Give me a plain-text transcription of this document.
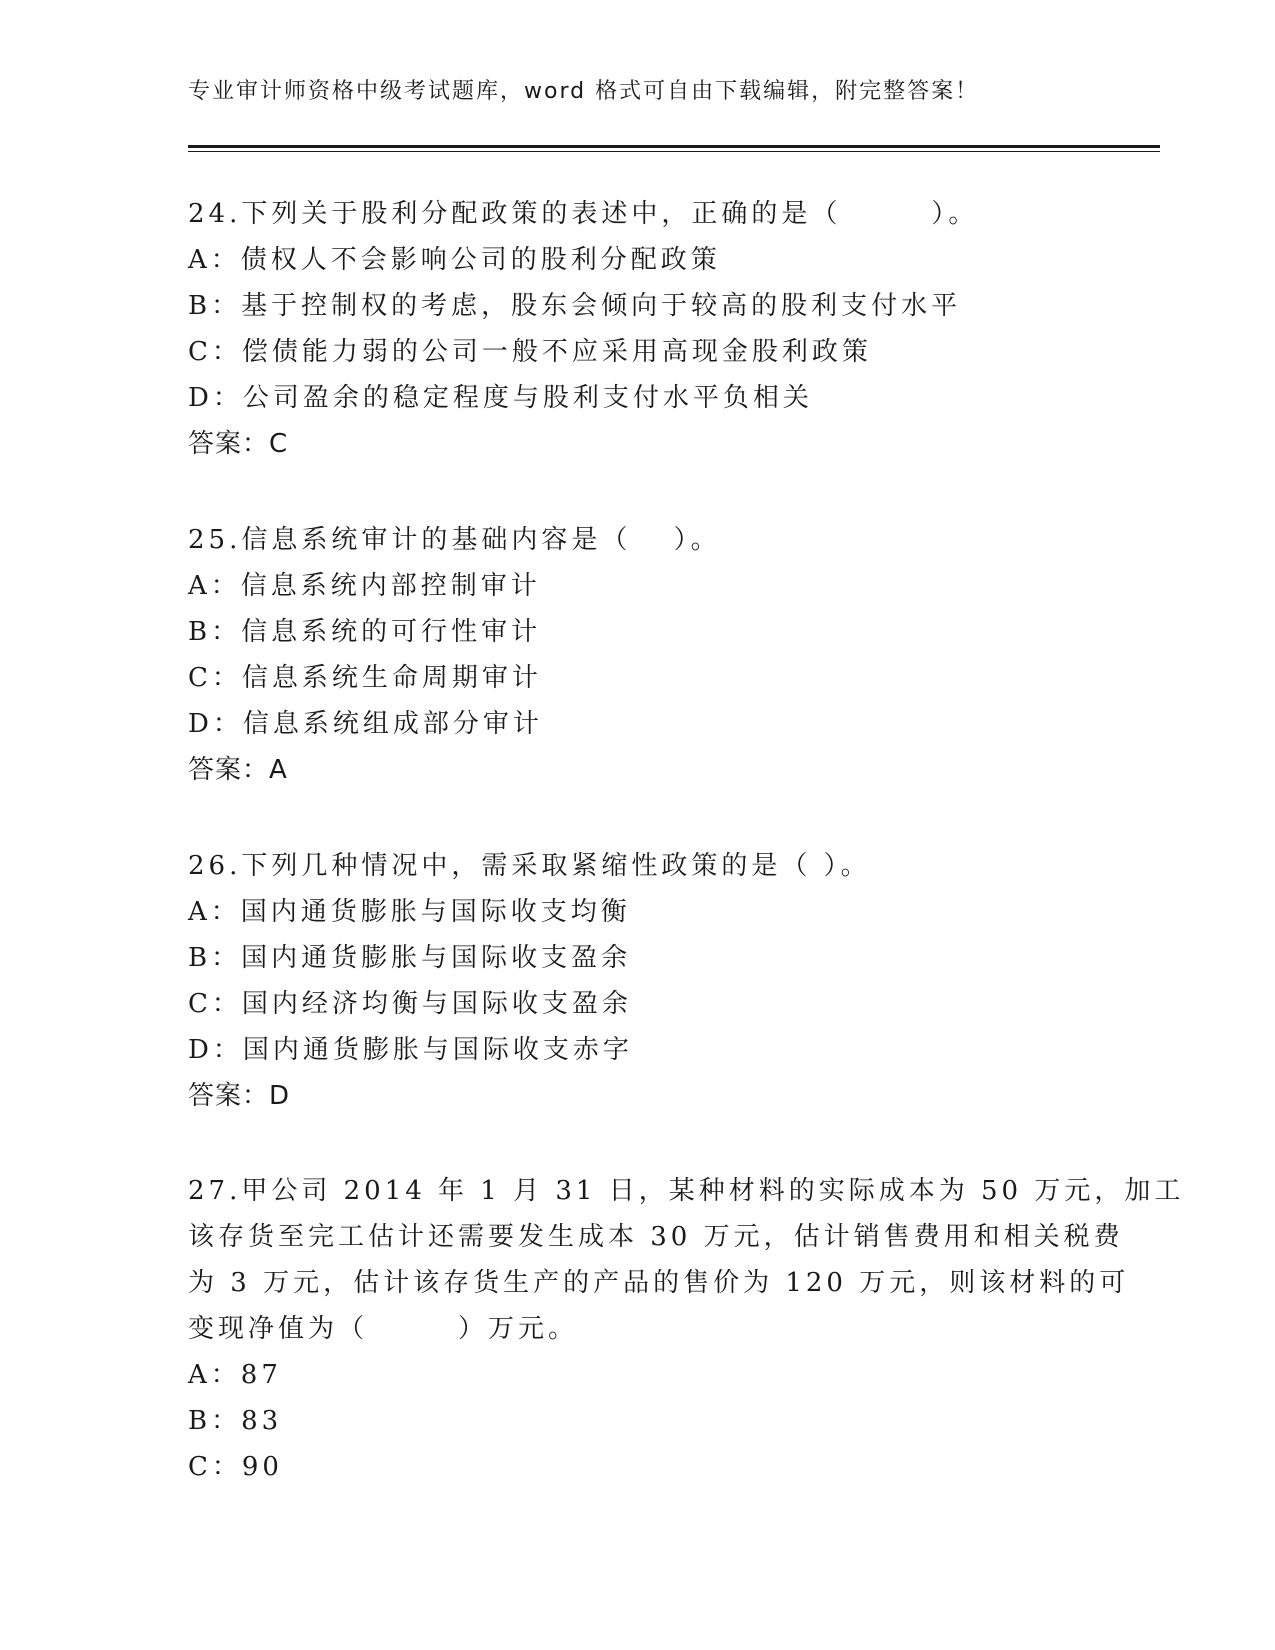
专业审计师资格中级考试题库，word 格式可自由下载编辑，附完整答案！
24.下列关于股利分配政策的表述中，正确的是（　　　）。
A：债权人不会影响公司的股利分配政策
B：基于控制权的考虑，股东会倾向于较高的股利支付水平
C：偿债能力弱的公司一般不应采用高现金股利政策
D：公司盈余的稳定程度与股利支付水平负相关
答案：C
25.信息系统审计的基础内容是（　 ）。
A：信息系统内部控制审计
B：信息系统的可行性审计
C：信息系统生命周期审计
D：信息系统组成部分审计
答案：A
26.下列几种情况中，需采取紧缩性政策的是（ ）。
A：国内通货膨胀与国际收支均衡
B：国内通货膨胀与国际收支盈余
C：国内经济均衡与国际收支盈余
D：国内通货膨胀与国际收支赤字
答案：D
27.甲公司 2014 年 1 月 31 日，某种材料的实际成本为 50 万元，加工
该存货至完工估计还需要发生成本 30 万元，估计销售费用和相关税费
为 3 万元，估计该存货生产的产品的售价为 120 万元，则该材料的可
变现净值为（　　　）万元。
A：87
B：83
C：90
